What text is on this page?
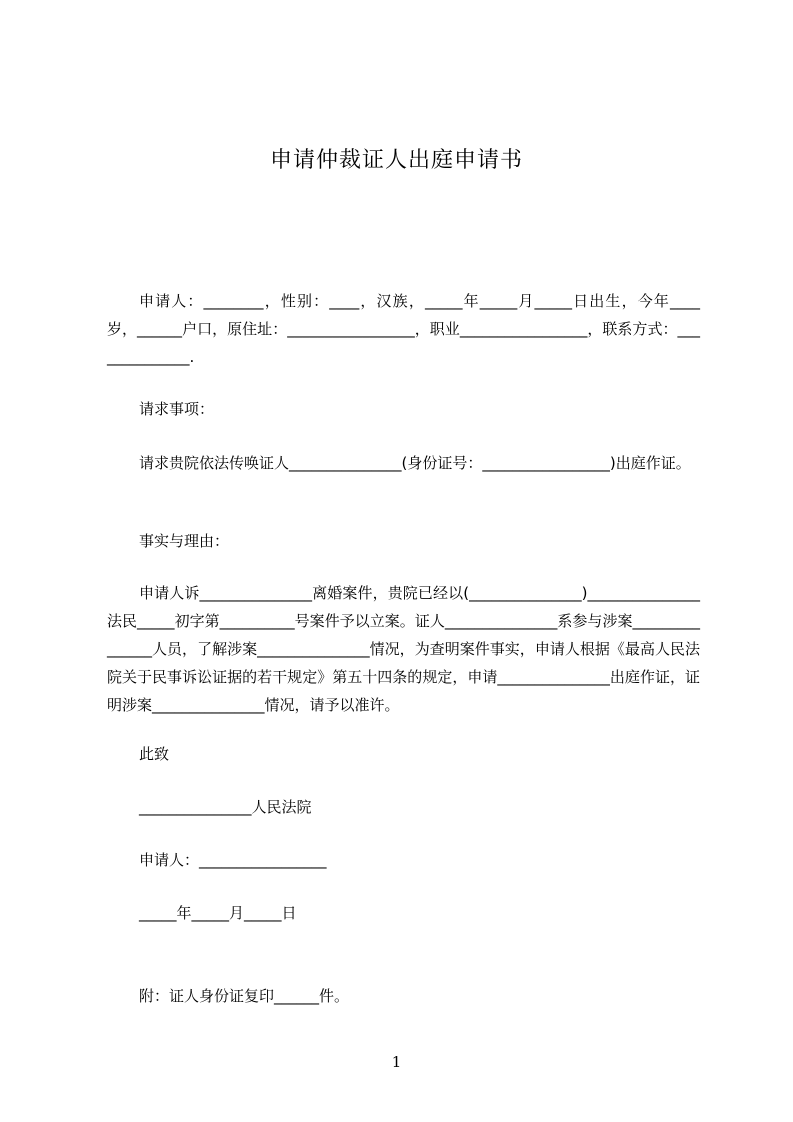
申请仲裁证人出庭申请书
申请人：________，性别：____，汉族，_____年_____月_____日出生，今年____岁，______户口，原住址：_________________，职业_________________，联系方式：______________.
请求事项：
请求贵院依法传唤证人_______________(身份证号：_________________)出庭作证。
事实与理由：
申请人诉_______________离婚案件，贵院已经以(_______________)_______________法民_____初字第__________号案件予以立案。证人_______________系参与涉案_______________人员，了解涉案_______________情况，为查明案件事实，申请人根据《最高人民法院关于民事诉讼证据的若干规定》第五十四条的规定，申请_______________出庭作证，证明涉案_______________情况，请予以准许。
此致
_______________人民法院
申请人：_________________
_____年_____月_____日
附：证人身份证复印______件。
1
